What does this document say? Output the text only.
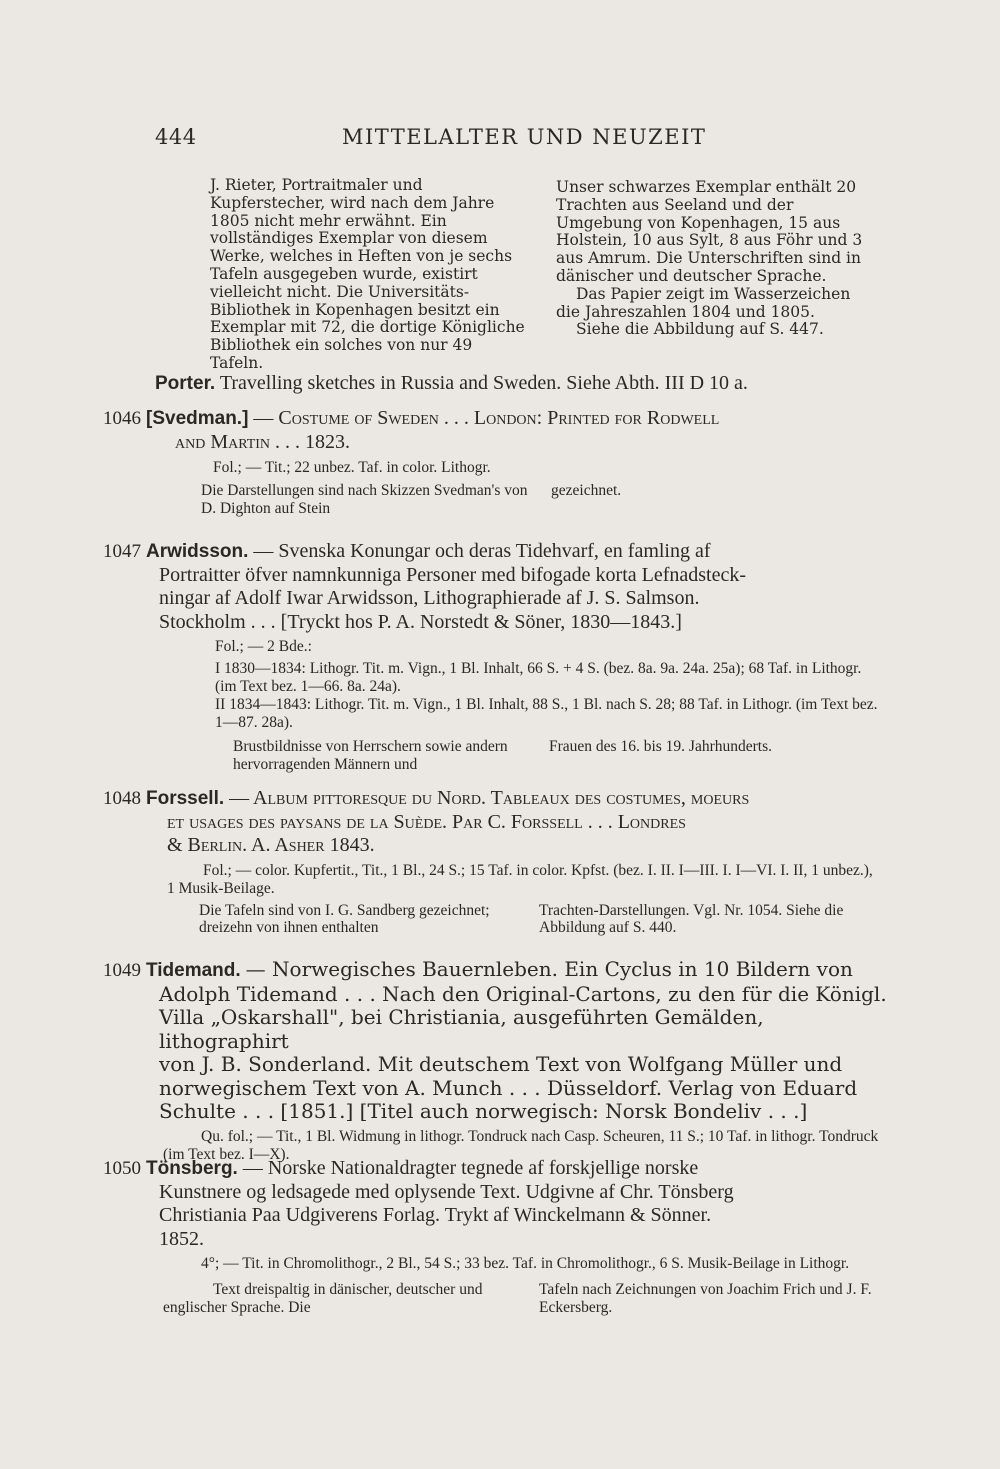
444	MITTELALTER UND NEUZEIT

J. Rieter, Portraitmaler und Kupferstecher, wird nach dem Jahre 1805 nicht mehr erwähnt. Ein vollständiges Exemplar von diesem Werke, welches in Heften von je sechs Tafeln ausgegeben wurde, existirt vielleicht nicht. Die Universitäts-Bibliothek in Kopenhagen besitzt ein Exemplar mit 72, die dortige Königliche Bibliothek ein solches von nur 49 Tafeln.

Unser schwarzes Exemplar enthält 20 Trachten aus Seeland und der Umgebung von Kopenhagen, 15 aus Holstein, 10 aus Sylt, 8 aus Föhr und 3 aus Amrum. Die Unterschriften sind in dänischer und deutscher Sprache.

Das Papier zeigt im Wasserzeichen die Jahreszahlen 1804 und 1805.

Siehe die Abbildung auf S. 447.

Porter. Travelling sketches in Russia and Sweden. Siehe Abth. III D 10 a.
1046 [Svedman.] — Costume of Sweden . . . London: Printed for Rodwell
and Martin . . . 1823.
Fol.; — Tit.; 22 unbez. Taf. in color. Lithogr.
Die Darstellungen sind nach Skizzen Svedman's von D. Dighton auf Stein
gezeichnet.
1047 Arwidsson. — Svenska Konungar och deras Tidehvarf, en famling af
Portraitter öfver namnkunniga Personer med bifogade korta Lefnadsteck-
ningar af Adolf Iwar Arwidsson, Lithographierade af J. S. Salmson.
Stockholm . . . [Tryckt hos P. A. Norstedt & Söner, 1830—1843.]
Fol.; — 2 Bde.:
I 1830—1834: Lithogr. Tit. m. Vign., 1 Bl. Inhalt, 66 S. + 4 S. (bez. 8a. 9a. 24a. 25a); 68 Taf. in Lithogr. (im Text bez. 1—66. 8a. 24a).
II 1834—1843: Lithogr. Tit. m. Vign., 1 Bl. Inhalt, 88 S., 1 Bl. nach S. 28; 88 Taf. in Lithogr. (im Text bez. 1—87. 28a).
Brustbildnisse von Herrschern sowie andern hervorragenden Männern und
Frauen des 16. bis 19. Jahrhunderts.
1048 Forssell. — Album pittoresque du Nord. Tableaux des costumes, moeurs
et usages des paysans de la Suède. Par C. Forssell . . . Londres
& Berlin. A. Asher 1843.
Fol.; — color. Kupfertit., Tit., 1 Bl., 24 S.; 15 Taf. in color. Kpfst. (bez. I. II. I—III. I. I—VI. I. II, 1 unbez.), 1 Musik-Beilage.
Die Tafeln sind von I. G. Sandberg gezeichnet; dreizehn von ihnen enthalten
Trachten-Darstellungen. Vgl. Nr. 1054. Siehe die Abbildung auf S. 440.
1049 Tidemand. — Norwegisches Bauernleben. Ein Cyclus in 10 Bildern von
Adolph Tidemand . . . Nach den Original-Cartons, zu den für die Königl.
Villa „Oskarshall", bei Christiania, ausgeführten Gemälden, lithographirt
von J. B. Sonderland. Mit deutschem Text von Wolfgang Müller und
norwegischem Text von A. Munch . . . Düsseldorf. Verlag von Eduard
Schulte . . . [1851.] [Titel auch norwegisch: Norsk Bondeliv . . .]
Qu. fol.; — Tit., 1 Bl. Widmung in lithogr. Tondruck nach Casp. Scheuren, 11 S.; 10 Taf. in lithogr. Tondruck (im Text bez. I—X).
1050 Tönsberg. — Norske Nationaldragter tegnede af forskjellige norske
Kunstnere og ledsagede med oplysende Text. Udgivne af Chr. Tönsberg
Christiania Paa Udgiverens Forlag. Trykt af Winckelmann & Sönner.
1852.
4°; — Tit. in Chromolithogr., 2 Bl., 54 S.; 33 bez. Taf. in Chromolithogr., 6 S. Musik-Beilage in Lithogr.
Text dreispaltig in dänischer, deutscher und englischer Sprache. Die
Tafeln nach Zeichnungen von Joachim Frich und J. F. Eckersberg.
